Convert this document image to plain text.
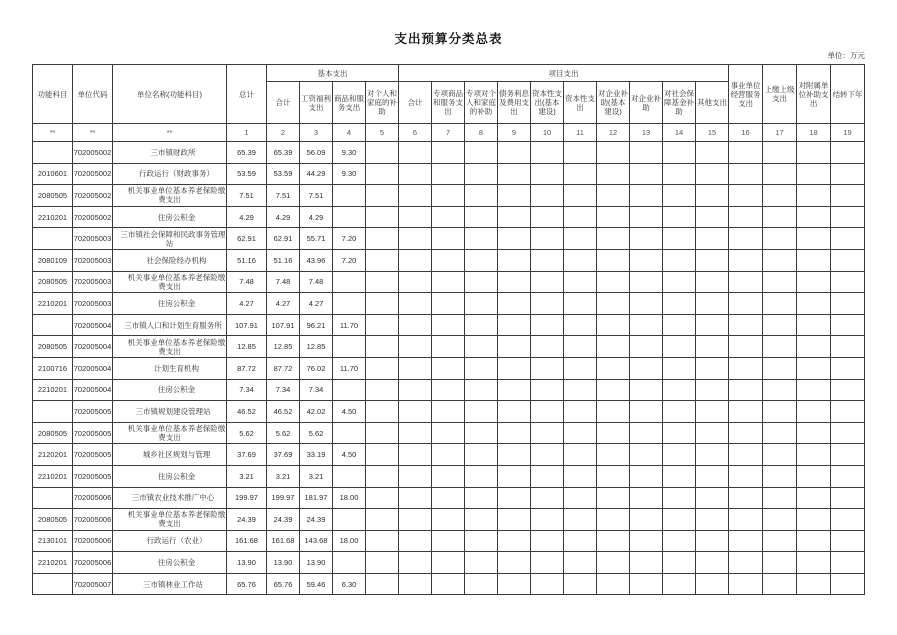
支出预算分类总表
单位：万元
功能科目	单位代码	单位名称(功能科目)	总计	基本支出				项目支出										事业单位经营服务支出	上缴上级支出	对附属单位补助支出	结转下年
				合计	工资福利支出	商品和服务支出	对个人和家庭的补助	合计	专项商品和服务支出	专项对个人和家庭的补助	债务利息及费用支出	资本性支出(基本建设)	资本性支出	对企业补助(基本建设)	对企业补助	对社会保障基金补助	其他支出				
**	**	**	1	2	3	4	5	6	7	8	9	10	11	12	13	14	15	16	17	18	19
	702005002	三市镇财政所	65.39	65.39	56.09	9.30															
2010601	702005002	行政运行（财政事务）	53.59	53.59	44.29	9.30															
2080505	702005002	机关事业单位基本养老保险缴费支出	7.51	7.51	7.51																
2210201	702005002	住房公积金	4.29	4.29	4.29																
	702005003	三市镇社会保障和民政事务管理站	62.91	62.91	55.71	7.20															
2080109	702005003	社会保险经办机构	51.16	51.16	43.96	7.20															
2080505	702005003	机关事业单位基本养老保险缴费支出	7.48	7.48	7.48																
2210201	702005003	住房公积金	4.27	4.27	4.27																
	702005004	三市镇人口和计划生育服务所	107.91	107.91	96.21	11.70															
2080505	702005004	机关事业单位基本养老保险缴费支出	12.85	12.85	12.85																
2100716	702005004	计划生育机构	87.72	87.72	76.02	11.70															
2210201	702005004	住房公积金	7.34	7.34	7.34																
	702005005	三市镇规划建设管理站	46.52	46.52	42.02	4.50															
2080505	702005005	机关事业单位基本养老保险缴费支出	5.62	5.62	5.62																
2120201	702005005	城乡社区规划与管理	37.69	37.69	33.19	4.50															
2210201	702005005	住房公积金	3.21	3.21	3.21																
	702005006	三市镇农业技术推广中心	199.97	199.97	181.97	18.00															
2080505	702005006	机关事业单位基本养老保险缴费支出	24.39	24.39	24.39																
2130101	702005006	行政运行（农业）	161.68	161.68	143.68	18.00															
2210201	702005006	住房公积金	13.90	13.90	13.90																
	702005007	三市镇林业工作站	65.76	65.76	59.46	6.30															
